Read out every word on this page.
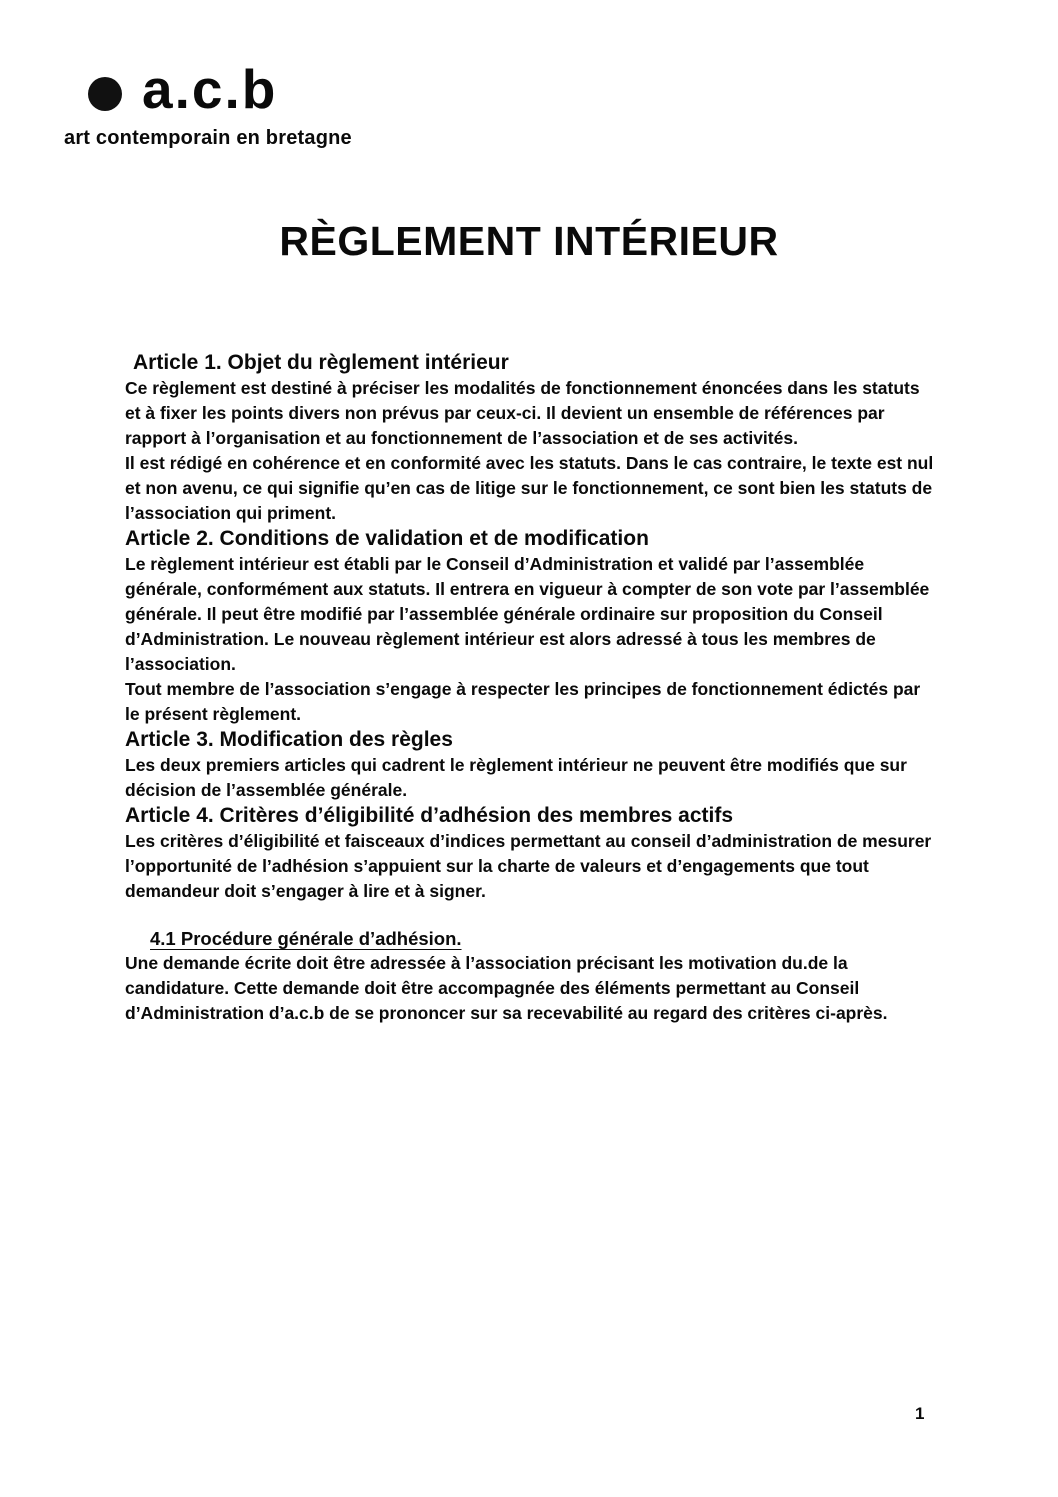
a.c.b
art contemporain en bretagne
RÈGLEMENT INTÉRIEUR
Article 1. Objet du règlement intérieur

Ce règlement est destiné à préciser les modalités de fonctionnement énoncées dans les statuts et à fixer les points divers non prévus par ceux-ci. Il devient un ensemble de références par rapport à l’organisation et au fonctionnement de l’association et de ses activités.

Il est rédigé en cohérence et en conformité avec les statuts. Dans le cas contraire, le texte est nul et non avenu, ce qui signifie qu’en cas de litige sur le fonctionnement, ce sont bien les statuts de l’association qui priment.

Article 2. Conditions de validation et de modification

Le règlement intérieur est établi par le Conseil d’Administration et validé par l’assemblée générale, conformément aux statuts. Il entrera en vigueur à compter de son vote par l’assemblée générale. Il peut être modifié par l’assemblée générale ordinaire sur proposition du Conseil d’Administration. Le nouveau règlement intérieur est alors adressé à tous les membres de l’association.

Tout membre de l’association s’engage à respecter les principes de fonctionnement édictés par le présent règlement.

Article 3. Modification des règles

Les deux premiers articles qui cadrent le règlement intérieur ne peuvent être modifiés que sur décision de l’assemblée générale.

Article 4. Critères d’éligibilité d’adhésion des membres actifs

Les critères d’éligibilité et faisceaux d’indices permettant au conseil d’administration de mesurer l’opportunité de l’adhésion s’appuient sur la charte de valeurs et d’engagements que tout demandeur doit s’engager à lire et à signer.

4.1 Procédure générale d’adhésion.

Une demande écrite doit être adressée à l’association précisant les motivation du.de la candidature. Cette demande doit être accompagnée des éléments permettant au Conseil d’Administration d’a.c.b de se prononcer sur sa recevabilité au regard des critères ci-après.

1
